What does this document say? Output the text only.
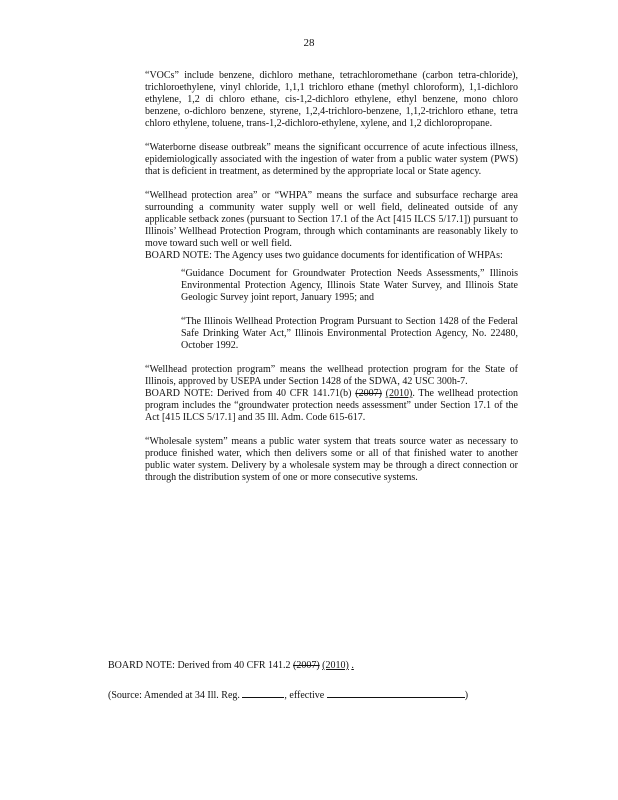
28

“VOCs” include benzene, dichloro methane, tetrachloromethane (carbon tetra-chloride), trichloroethylene, vinyl chloride, 1,1,1 trichloro ethane (methyl chloroform), 1,1-dichloro ethylene, 1,2 di chloro ethane, cis-1,2-dichloro ethylene, ethyl benzene, mono chloro benzene, o-dichloro benzene, styrene, 1,2,4-trichloro-benzene, 1,1,2-trichloro ethane, tetra chloro ethylene, toluene, trans-1,2-dichloro-ethylene, xylene, and 1,2 dichloropropane.

“Waterborne disease outbreak” means the significant occurrence of acute infectious illness, epidemiologically associated with the ingestion of water from a public water system (PWS) that is deficient in treatment, as determined by the appropriate local or State agency.

“Wellhead protection area” or “WHPA” means the surface and subsurface recharge area surrounding a community water supply well or well field, delineated outside of any applicable setback zones (pursuant to Section 17.1 of the Act [415 ILCS 5/17.1]) pursuant to Illinois’ Wellhead Protection Program, through which contaminants are reasonably likely to move toward such well or well field.

BOARD NOTE: The Agency uses two guidance documents for identification of WHPAs:

“Guidance Document for Groundwater Protection Needs Assessments,” Illinois Environmental Protection Agency, Illinois State Water Survey, and Illinois State Geologic Survey joint report, January 1995; and

“The Illinois Wellhead Protection Program Pursuant to Section 1428 of the Federal Safe Drinking Water Act,” Illinois Environmental Protection Agency, No. 22480, October 1992.

“Wellhead protection program” means the wellhead protection program for the State of Illinois, approved by USEPA under Section 1428 of the SDWA, 42 USC 300h-7.
BOARD NOTE: Derived from 40 CFR 141.71(b) (2007) (2010). The wellhead protection program includes the “groundwater protection needs assessment” under Section 17.1 of the Act [415 ILCS 5/17.1] and 35 Ill. Adm. Code 615-617.

“Wholesale system” means a public water system that treats source water as necessary to produce finished water, which then delivers some or all of that finished water to another public water system. Delivery by a wholesale system may be through a direct connection or through the distribution system of one or more consecutive systems.

BOARD NOTE: Derived from 40 CFR 141.2 (2007) (2010) .
(Source: Amended at 34 Ill. Reg.	, effective	)
